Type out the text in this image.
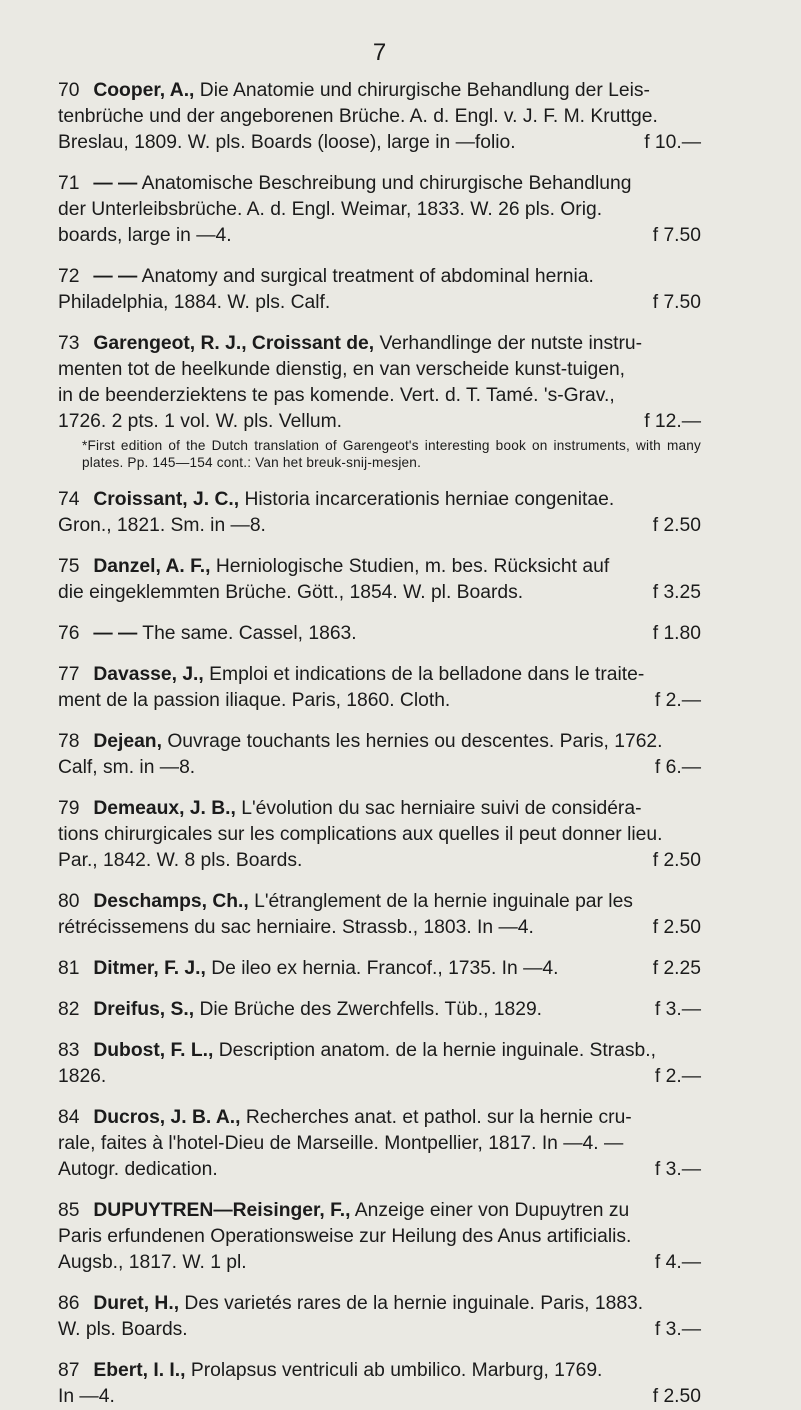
7
70 Cooper, A., Die Anatomie und chirurgische Behandlung der Leis-
tenbrüche und der angeborenen Brüche. A. d. Engl. v. J. F. M. Kruttge.
Breslau, 1809. W. pls. Boards (loose), large in —folio.	f 10.—
71 — — Anatomische Beschreibung und chirurgische Behandlung
der Unterleibsbrüche. A. d. Engl. Weimar, 1833. W. 26 pls. Orig.
boards, large in —4.	f 7.50
72 — — Anatomy and surgical treatment of abdominal hernia.
Philadelphia, 1884. W. pls. Calf.	f 7.50
73 Garengeot, R. J., Croissant de, Verhandlinge der nutste instru-
menten tot de heelkunde dienstig, en van verscheide kunst-tuigen,
in de beenderziektens te pas komende. Vert. d. T. Tamé. 's-Grav.,
1726. 2 pts. 1 vol. W. pls. Vellum.	f 12.—
*First edition of the Dutch translation of Garengeot's interesting book on instruments, with many plates. Pp. 145—154 cont.: Van het breuk-snij-mesjen.
74 Croissant, J. C., Historia incarcerationis herniae congenitae.
Gron., 1821. Sm. in —8.	f 2.50
75 Danzel, A. F., Herniologische Studien, m. bes. Rücksicht auf
die eingeklemmten Brüche. Gött., 1854. W. pl. Boards.	f 3.25
76 — — The same. Cassel, 1863.	f 1.80
77 Davasse, J., Emploi et indications de la belladone dans le traite-
ment de la passion iliaque. Paris, 1860. Cloth.	f 2.—
78 Dejean, Ouvrage touchants les hernies ou descentes. Paris, 1762.
Calf, sm. in —8.	f 6.—
79 Demeaux, J. B., L'évolution du sac herniaire suivi de considéra-
tions chirurgicales sur les complications aux quelles il peut donner lieu.
Par., 1842. W. 8 pls. Boards.	f 2.50
80 Deschamps, Ch., L'étranglement de la hernie inguinale par les
rétrécissemens du sac herniaire. Strassb., 1803. In —4.	f 2.50
81 Ditmer, F. J., De ileo ex hernia. Francof., 1735. In —4.	f 2.25
82 Dreifus, S., Die Brüche des Zwerchfells. Tüb., 1829.	f 3.—
83 Dubost, F. L., Description anatom. de la hernie inguinale. Strasb.,
1826.	f 2.—
84 Ducros, J. B. A., Recherches anat. et pathol. sur la hernie cru-
rale, faites à l'hotel-Dieu de Marseille. Montpellier, 1817. In —4. —
Autogr. dedication.	f 3.—
85 DUPUYTREN—Reisinger, F., Anzeige einer von Dupuytren zu
Paris erfundenen Operationsweise zur Heilung des Anus artificialis.
Augsb., 1817. W. 1 pl.	f 4.—
86 Duret, H., Des varietés rares de la hernie inguinale. Paris, 1883.
W. pls. Boards.	f 3.—
87 Ebert, I. I., Prolapsus ventriculi ab umbilico. Marburg, 1769.
In —4.	f 2.50
